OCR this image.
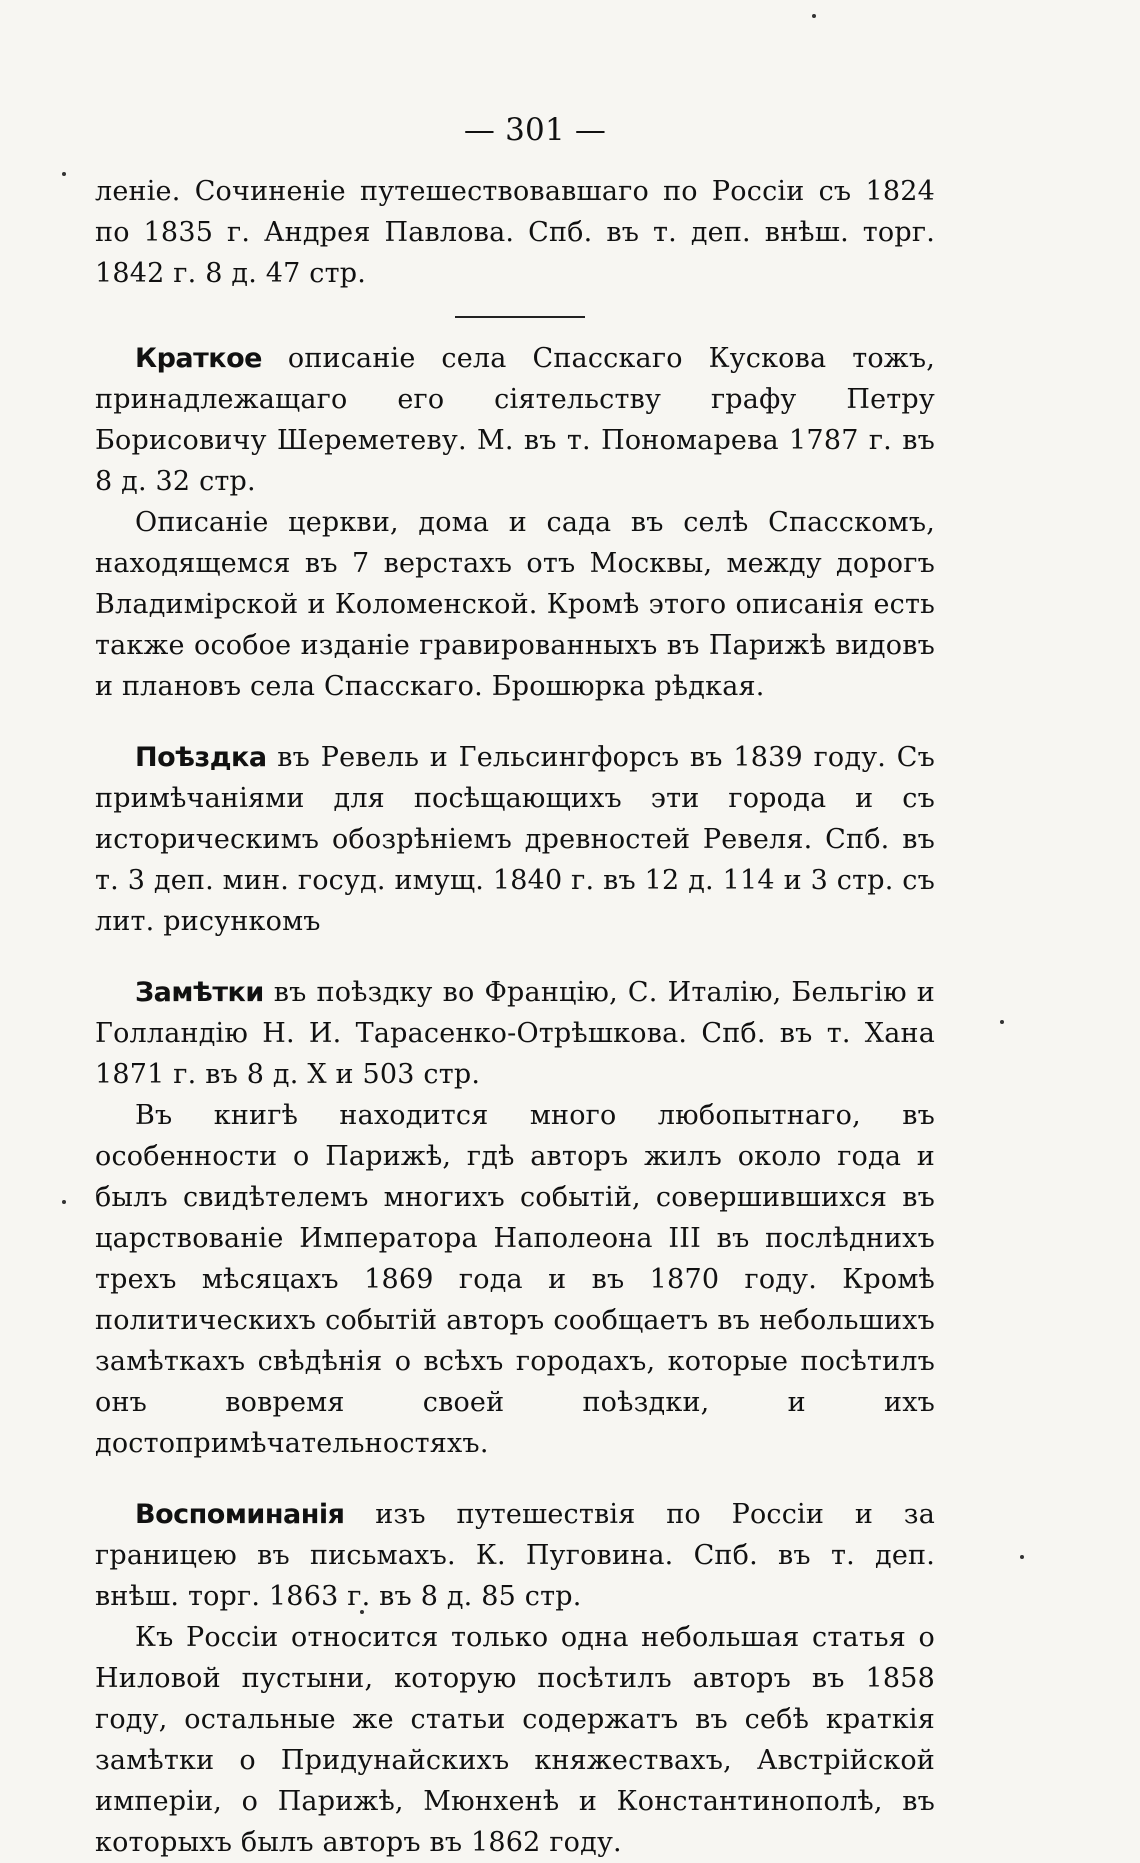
— 301 —

леніе. Сочиненіе путешествовавшаго по Россіи съ 1824 по 1835 г. Андрея Павлова. Спб. въ т. деп. внѣш. торг. 1842 г. 8 д. 47 стр.

Краткое описаніе села Спасскаго Кускова тожъ, принадлежащаго его сіятельству графу Петру Борисовичу Шереметеву. М. въ т. Пономарева 1787 г. въ 8 д. 32 стр.

Описаніе церкви, дома и сада въ селѣ Спасскомъ, находящемся въ 7 верстахъ отъ Москвы, между дорогъ Владимірской и Коломенской. Кромѣ этого описанія есть также особое изданіе гравированныхъ въ Парижѣ видовъ и плановъ села Спасскаго. Брошюрка рѣдкая.

Поѣздка въ Ревель и Гельсингфорсъ въ 1839 году. Съ примѣчаніями для посѣщающихъ эти города и съ историческимъ обозрѣніемъ древностей Ревеля. Спб. въ т. 3 деп. мин. госуд. имущ. 1840 г. въ 12 д. 114 и 3 стр. съ лит. рисункомъ

Замѣтки въ поѣздку во Францію, С. Италію, Бельгію и Голландію Н. И. Тарасенко-Отрѣшкова. Спб. въ т. Хана 1871 г. въ 8 д. X и 503 стр.

Въ книгѣ находится много любопытнаго, въ особенности о Парижѣ, гдѣ авторъ жилъ около года и былъ свидѣтелемъ многихъ событій, совершившихся въ царствованіе Императора Наполеона III въ послѣднихъ трехъ мѣсяцахъ 1869 года и въ 1870 году. Кромѣ политическихъ событій авторъ сообщаетъ въ небольшихъ замѣткахъ свѣдѣнія о всѣхъ городахъ, которые посѣтилъ онъ вовремя своей поѣздки, и ихъ достопримѣчательностяхъ.

Воспоминанія изъ путешествія по Россіи и за границею въ письмахъ. К. Пуговина. Спб. въ т. деп. внѣш. торг. 1863 г. въ 8 д. 85 стр.

Къ Россіи относится только одна небольшая статья о Ниловой пустыни, которую посѣтилъ авторъ въ 1858 году, остальные же статьи содержатъ въ себѣ краткія замѣтки о Придунайскихъ княжествахъ, Австрійской имперіи, о Парижѣ, Мюнхенѣ и Константинополѣ, въ которыхъ былъ авторъ въ 1862 году.
